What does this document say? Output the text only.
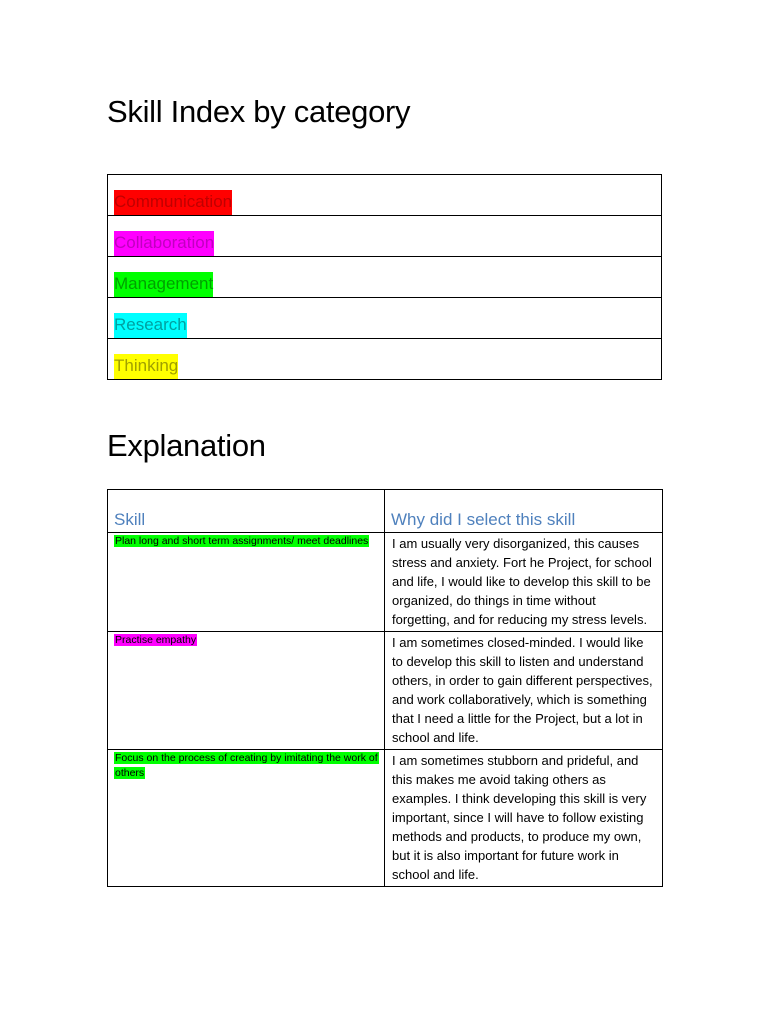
Skill Index by category
Communication
Collaboration
Management
Research
Thinking
Explanation
Skill	Why did I select this skill

Plan long and short term assignments/ meet deadlines	I am usually very disorganized, this causes stress and anxiety. Fort he Project, for school and life, I would like to develop this skill to be organized, do things in time without forgetting, and for reducing my stress levels.

Practise empathy	I am sometimes closed-minded. I would like to develop this skill to listen and understand others, in order to gain different perspectives, and work collaboratively, which is something that I need a little for the Project, but a lot in school and life.

Focus on the process of creating by imitating the work of others	I am sometimes stubborn and prideful, and this makes me avoid taking others as examples. I think developing this skill is very important, since I will have to follow existing methods and products, to produce my own, but it is also important for future work in school and life.
